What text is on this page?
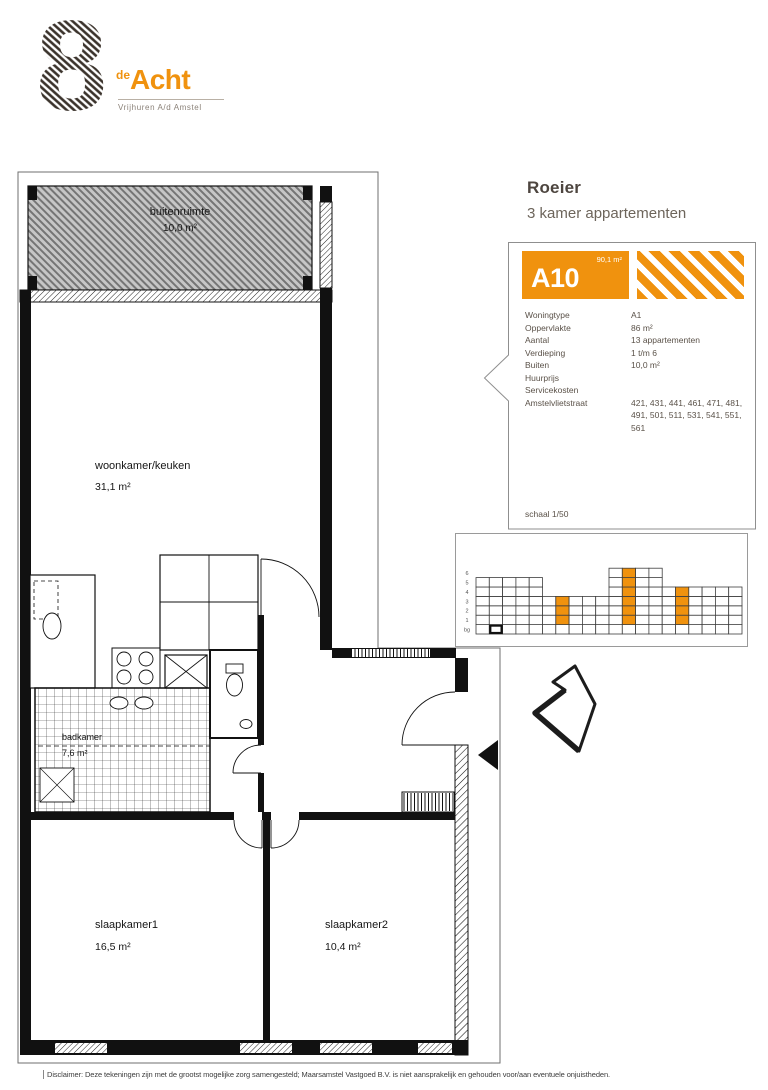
8 $^{de}$Acht
Vrijhuren A/d Amstel
Roeier
3 kamer appartementen
buitenruimte
10,0 m²
woonkamer/keuken
31,1 m²
badkamer
7,6 m²
slaapkamer1
16,5 m²
slaapkamer2
10,4 m²
A10
90,1 m²
Woningtype	A1
Oppervlakte	86 m²
Aantal	13 appartementen
Verdieping	1 t/m 6
Buiten	10,0 m²
Huurprijs
Servicekosten
Amstelvlietstraat	421, 431, 441, 461, 471, 481, 491, 501, 511, 531, 541, 551, 561
schaal 1/50
bg
1
2
3
4
5
6
Disclaimer: Deze tekeningen zijn met de grootst mogelijke zorg samengesteld; Maarsamstel Vastgoed B.V. is niet aansprakelijk en gehouden voor/aan eventuele onjuistheden.
